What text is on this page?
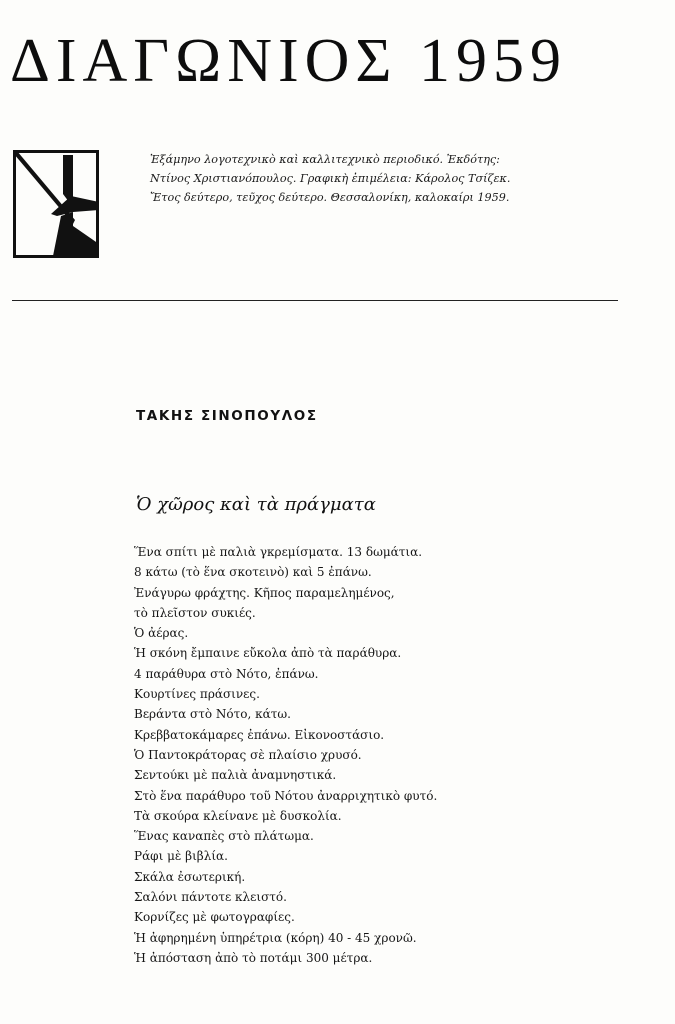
ΔΙΑΓΩΝΙΟΣ 1959
Ἑξάμηνο λογοτεχνικὸ καὶ καλλιτεχνικὸ περιοδικό. Ἐκδότης:
Ντίνος Χριστιανόπουλος. Γραφικὴ ἐπιμέλεια: Κάρολος Τσίζεκ.
Ἔτος δεύτερο, τεῦχος δεύτερο. Θεσσαλονίκη, καλοκαίρι 1959.
ΤΑΚΗΣ ΣΙΝΟΠΟΥΛΟΣ
Ὁ χῶρος καὶ τὰ πράγματα
Ἕνα σπίτι μὲ παλιὰ γκρεμίσματα. 13 δωμάτια.
8 κάτω (τὸ ἕνα σκοτεινὸ) καὶ 5 ἐπάνω.
Ἐνάγυρω φράχτης. Κῆπος παραμελημένος,
τὸ πλεῖστον συκιές.
Ὁ ἀέρας.
Ἡ σκόνη ἔμπαινε εὔκολα ἀπὸ τὰ παράθυρα.
4 παράθυρα στὸ Νότο, ἐπάνω.
Κουρτίνες πράσινες.
Βεράντα στὸ Νότο, κάτω.
Κρεββατοκάμαρες ἐπάνω. Εἰκονοστάσιο.
Ὁ Παντοκράτορας σὲ πλαίσιο χρυσό.
Σεντούκι μὲ παλιὰ ἀναμνηστικά.
Στὸ ἕνα παράθυρο τοῦ Νότου ἀναρριχητικὸ φυτό.
Τὰ σκούρα κλείνανε μὲ δυσκολία.
Ἕνας καναπὲς στὸ πλάτωμα.
Ράφι μὲ βιβλία.
Σκάλα ἐσωτερική.
Σαλόνι πάντοτε κλειστό.
Κορνίζες μὲ φωτογραφίες.
Ἡ ἀφηρημένη ὑπηρέτρια (κόρη) 40 - 45 χρονῶ.
Ἡ ἀπόσταση ἀπὸ τὸ ποτάμι 300 μέτρα.
